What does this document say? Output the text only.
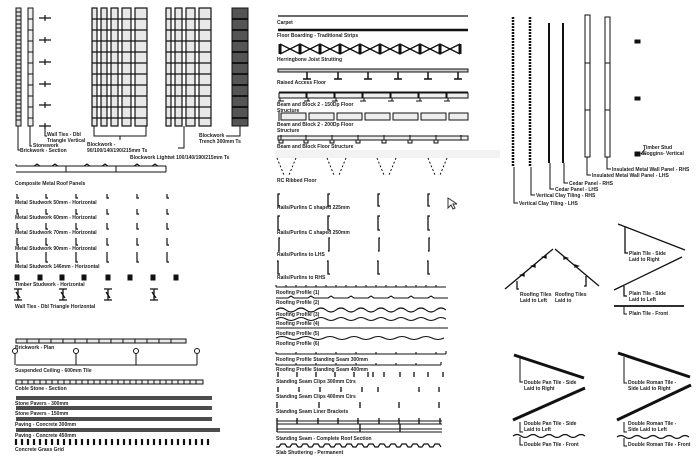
Brickwork - Section
Stonework
Wall Ties - Dbl Triangle Vertical
Blockwork - 90/100/140/190/215mm Ts
Blockwork Ltghtwt 100/140/190/215mm Ts
Blockwork - Trench 300mm Ts
Composite Metal Roof Panels
Metal Studwork 50mm - Horizontal
Metal Studwork 60mm - Horizontal
Metal Studwork 70mm - Horizontal
Metal Studwork 90mm - Horizontal
Metal Studwork 146mm - Horizontal
Timber Studwork - Horizontal
Wall Ties - Dbl Triangle Horizontal
Brickwork - Plan
Suspended Ceiling - 600mm Tile
Coble Stone - Section
Stone Pavers - 300mm
Stone Pavers - 150mm
Paving - Concrete 300mm
Paving - Concrete 450mm
Concrete Grass Grid
Carpet
Floor Boarding - Traditional Strips
Herringbone Joist Strutting
Raised Access Floor
Beam and Block 2 - 150Dp Floor Structure
Beam and Block 2 - 200Dp Floor Structure
Beam and Block Floor Structure
RC Ribbed Floor
Rails/Purlins C shaped 225mm
Rails/Purlins C shaped 250mm
Rails/Purlins to LHS
Rails/Purlins to RHS
Roofing Profile (1)
Roofing Profile (2)
Roofing Profile (3)
Roofing Profile (4)
Roofing Profile (5)
Roofing Profile (6)
Roofing Profile Standing Seam 300mm
Roofing Profile Standing Seam 400mm
Standing Seam Clips 300mm Ctrs
Standing Seam Clips 400mm Ctrs
Standing Seam Liner Brackets
Standing Seam - Complete Roof Section
Slab Shuttering - Permanent
Vertical Clay Tiling - LHS
Vertical Clay Tiling - RHS
Cedar Panel - LHS
Cedar Panel - RHS
Insulated Metal Wall Panel - LHS
Insulated Metal Wall Panel - RHS
Timber Stud Noggins- Vertical
Roofing Tiles Laid to Left
Roofing Tiles Laid to
Plain Tile - Side Laid to Right
Plain Tile - Side Laid to Left
Plain Tile - Front
Double Pan Tile - Side Laid to Right
Double Pan Tile - Side Laid to Left
Double Pan Tile - Front
Double Roman Tile - Side Laid to Right
Double Roman Tile - Side Laid to Left
Double Roman Tile - Front
